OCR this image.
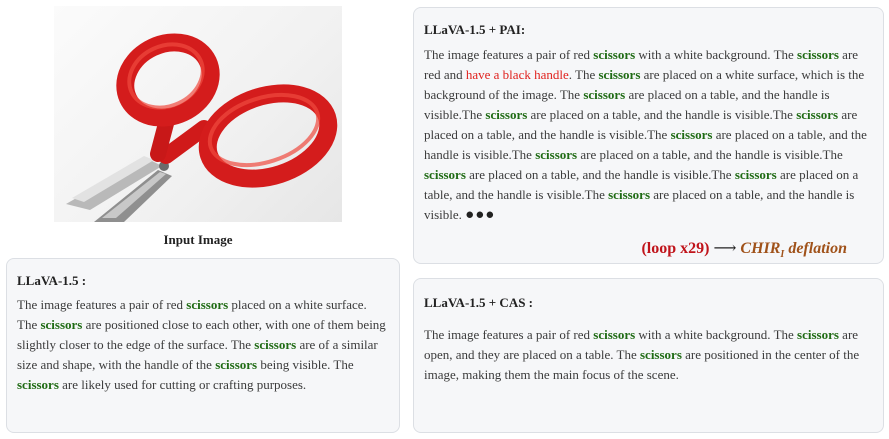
Input Image
LLaVA-1.5 :
The image features a pair of red scissors placed on a white surface. The scissors are positioned close to each other, with one of them being slightly closer to the edge of the surface. The scissors are of a similar size and shape, with the handle of the scissors being visible. The scissors are likely used for cutting or crafting purposes.
LLaVA-1.5 + PAI:
The image features a pair of red scissors with a white background. The scissors are red and have a black handle. The scissors are placed on a white surface, which is the background of the image. The scissors are placed on a table, and the handle is visible.The scissors are placed on a table, and the handle is visible.The scissors are placed on a table, and the handle is visible.The scissors are placed on a table, and the handle is visible.The scissors are placed on a table, and the handle is visible.The scissors are placed on a table, and the handle is visible.The scissors are placed on a table, and the handle is visible.The scissors are placed on a table, and the handle is visible. ●●●
(loop x29) ⟶ $CHIR_I$ deflation
LLaVA-1.5 + CAS :
The image features a pair of red scissors with a white background. The scissors are open, and they are placed on a table. The scissors are positioned in the center of the image, making them the main focus of the scene.
